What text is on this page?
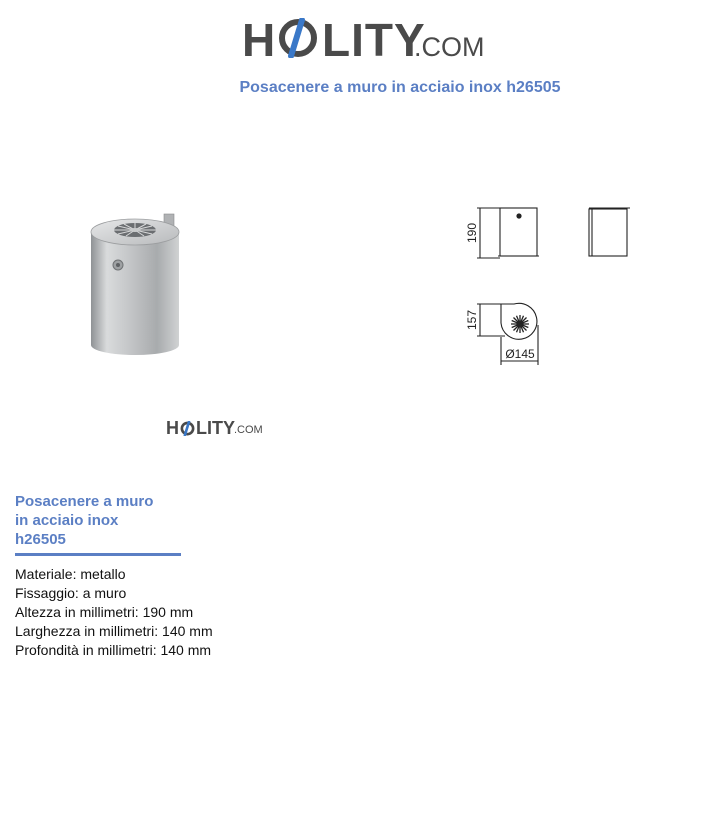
H LITY
.COM
Posacenere a muro in acciaio inox h26505
H LITY .COM
190
157
Ø145
Posacenere a muro
in acciaio inox
h26505
Materiale: metallo
Fissaggio: a muro
Altezza in millimetri: 190 mm
Larghezza in millimetri: 140 mm
Profondità in millimetri: 140 mm
